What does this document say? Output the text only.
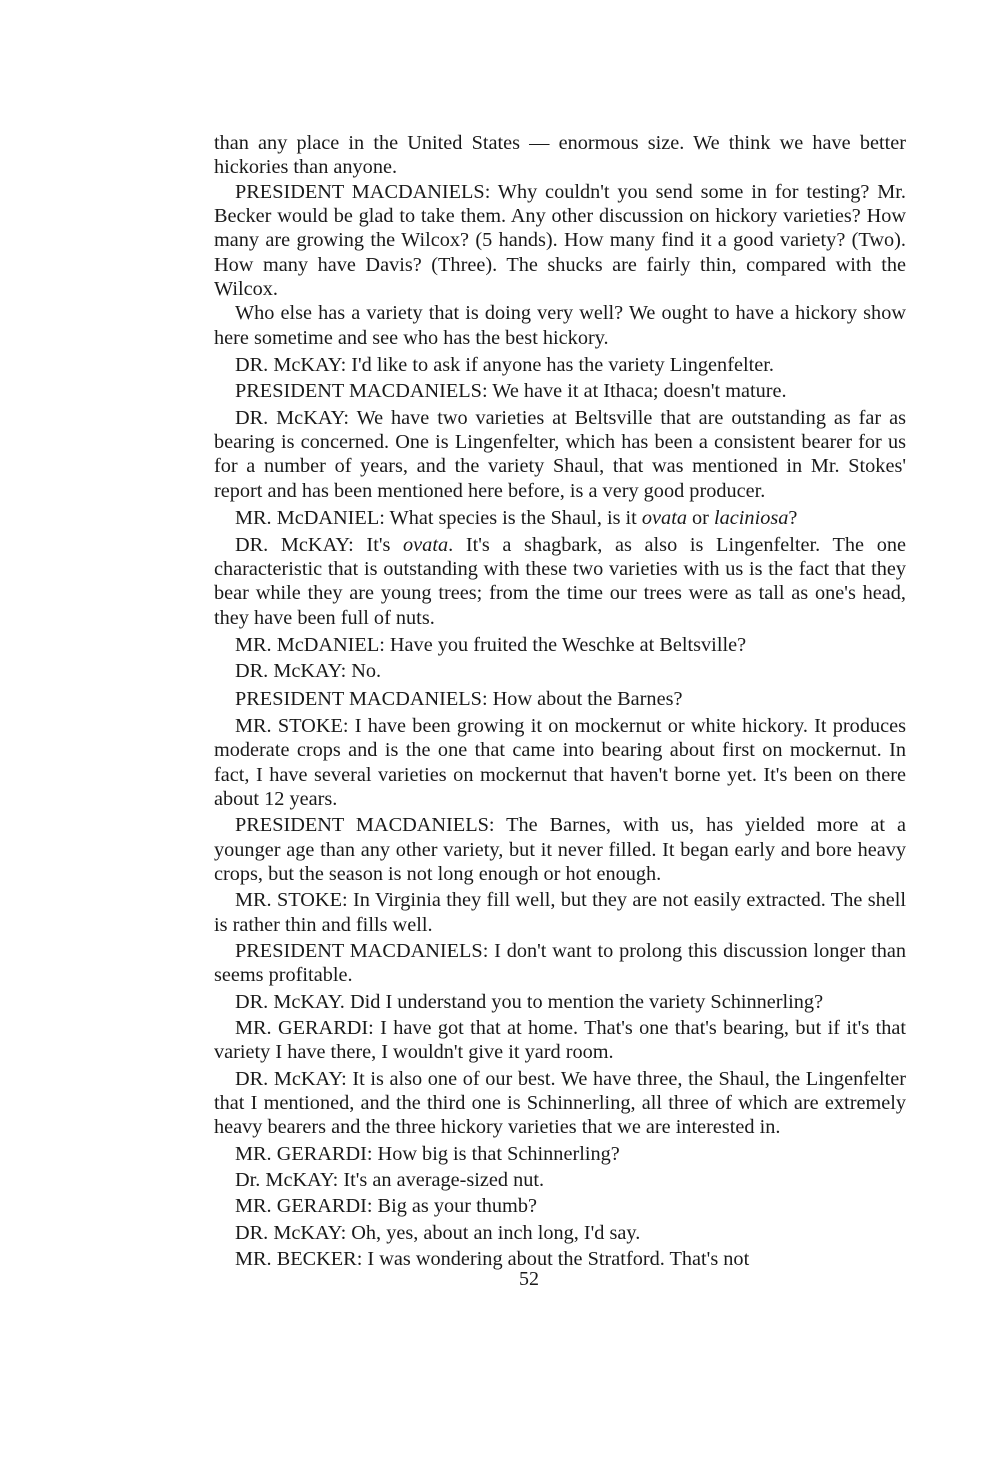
than any place in the United States — enormous size. We think we have better hickories than anyone.

PRESIDENT MACDANIELS: Why couldn't you send some in for testing? Mr. Becker would be glad to take them. Any other discussion on hickory varieties? How many are growing the Wilcox? (5 hands). How many find it a good variety? (Two). How many have Davis? (Three). The shucks are fairly thin, compared with the Wilcox.

Who else has a variety that is doing very well? We ought to have a hickory show here sometime and see who has the best hickory.

DR. McKAY: I'd like to ask if anyone has the variety Lingenfelter.

PRESIDENT MACDANIELS: We have it at Ithaca; doesn't mature.

DR. McKAY: We have two varieties at Beltsville that are outstanding as far as bearing is concerned. One is Lingenfelter, which has been a consistent bearer for us for a number of years, and the variety Shaul, that was mentioned in Mr. Stokes' report and has been mentioned here before, is a very good producer.

MR. McDANIEL: What species is the Shaul, is it ovata or laciniosa?

DR. McKAY: It's ovata. It's a shagbark, as also is Lingenfelter. The one characteristic that is outstanding with these two varieties with us is the fact that they bear while they are young trees; from the time our trees were as tall as one's head, they have been full of nuts.

MR. McDANIEL: Have you fruited the Weschke at Beltsville?

DR. McKAY: No.

PRESIDENT MACDANIELS: How about the Barnes?

MR. STOKE: I have been growing it on mockernut or white hickory. It produces moderate crops and is the one that came into bearing about first on mockernut. In fact, I have several varieties on mockernut that haven't borne yet. It's been on there about 12 years.

PRESIDENT MACDANIELS: The Barnes, with us, has yielded more at a younger age than any other variety, but it never filled. It began early and bore heavy crops, but the season is not long enough or hot enough.

MR. STOKE: In Virginia they fill well, but they are not easily extracted. The shell is rather thin and fills well.

PRESIDENT MACDANIELS: I don't want to prolong this discussion longer than seems profitable.

DR. McKAY. Did I understand you to mention the variety Schinnerling?

MR. GERARDI: I have got that at home. That's one that's bearing, but if it's that variety I have there, I wouldn't give it yard room.

DR. McKAY: It is also one of our best. We have three, the Shaul, the Lingenfelter that I mentioned, and the third one is Schinnerling, all three of which are extremely heavy bearers and the three hickory varieties that we are interested in.

MR. GERARDI: How big is that Schinnerling?

Dr. McKAY: It's an average-sized nut.

MR. GERARDI: Big as your thumb?

DR. McKAY: Oh, yes, about an inch long, I'd say.

MR. BECKER: I was wondering about the Stratford. That's not

52
